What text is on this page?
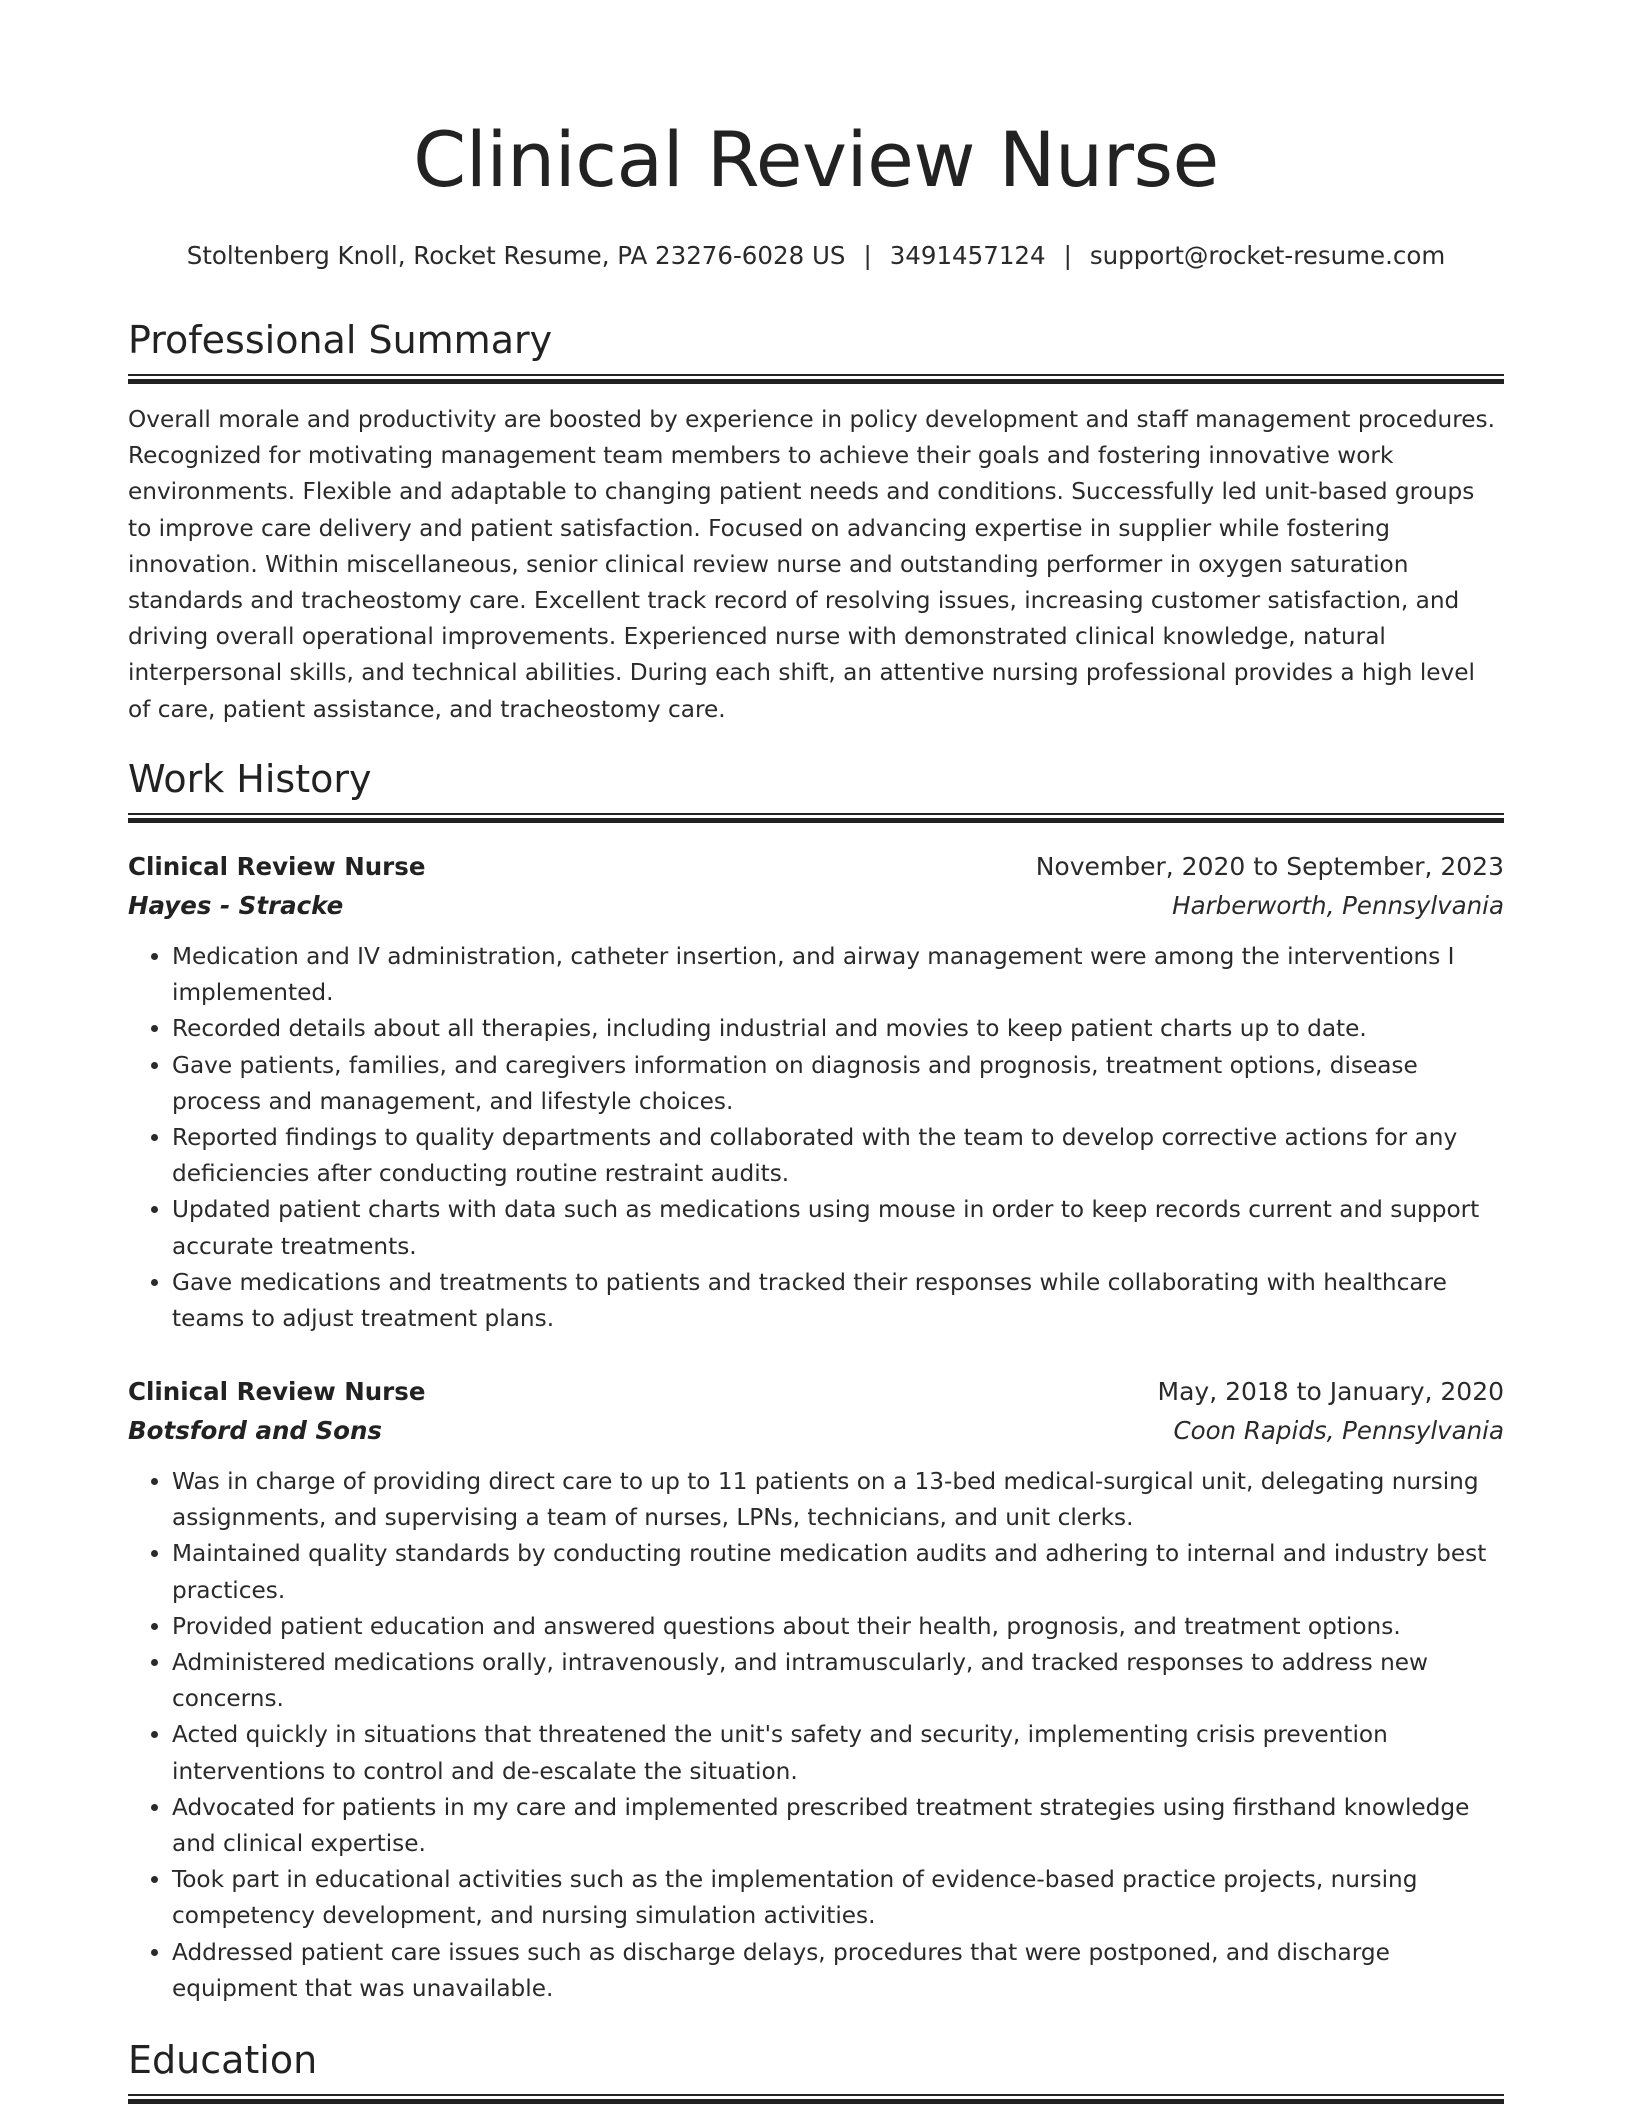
Clinical Review Nurse
Stoltenberg Knoll, Rocket Resume, PA 23276-6028 US | 3491457124 | support@rocket-resume.com
Professional Summary

Overall morale and productivity are boosted by experience in policy development and staff management procedures. Recognized for motivating management team members to achieve their goals and fostering innovative work environments. Flexible and adaptable to changing patient needs and conditions. Successfully led unit-based groups to improve care delivery and patient satisfaction. Focused on advancing expertise in supplier while fostering innovation. Within miscellaneous, senior clinical review nurse and outstanding performer in oxygen saturation standards and tracheostomy care. Excellent track record of resolving issues, increasing customer satisfaction, and driving overall operational improvements. Experienced nurse with demonstrated clinical knowledge, natural interpersonal skills, and technical abilities. During each shift, an attentive nursing professional provides a high level of care, patient assistance, and tracheostomy care.

Work History
Clinical Review Nurse	November, 2020 to September, 2023
Hayes - Stracke	Harberworth, Pennsylvania
• Medication and IV administration, catheter insertion, and airway management were among the interventions I implemented.
• Recorded details about all therapies, including industrial and movies to keep patient charts up to date.
• Gave patients, families, and caregivers information on diagnosis and prognosis, treatment options, disease process and management, and lifestyle choices.
• Reported findings to quality departments and collaborated with the team to develop corrective actions for any deficiencies after conducting routine restraint audits.
• Updated patient charts with data such as medications using mouse in order to keep records current and support accurate treatments.
• Gave medications and treatments to patients and tracked their responses while collaborating with healthcare teams to adjust treatment plans.
Clinical Review Nurse	May, 2018 to January, 2020
Botsford and Sons	Coon Rapids, Pennsylvania
• Was in charge of providing direct care to up to 11 patients on a 13-bed medical-surgical unit, delegating nursing assignments, and supervising a team of nurses, LPNs, technicians, and unit clerks.
• Maintained quality standards by conducting routine medication audits and adhering to internal and industry best practices.
• Provided patient education and answered questions about their health, prognosis, and treatment options.
• Administered medications orally, intravenously, and intramuscularly, and tracked responses to address new concerns.
• Acted quickly in situations that threatened the unit's safety and security, implementing crisis prevention interventions to control and de-escalate the situation.
• Advocated for patients in my care and implemented prescribed treatment strategies using firsthand knowledge and clinical expertise.
• Took part in educational activities such as the implementation of evidence-based practice projects, nursing competency development, and nursing simulation activities.
• Addressed patient care issues such as discharge delays, procedures that were postponed, and discharge equipment that was unavailable.
Education
